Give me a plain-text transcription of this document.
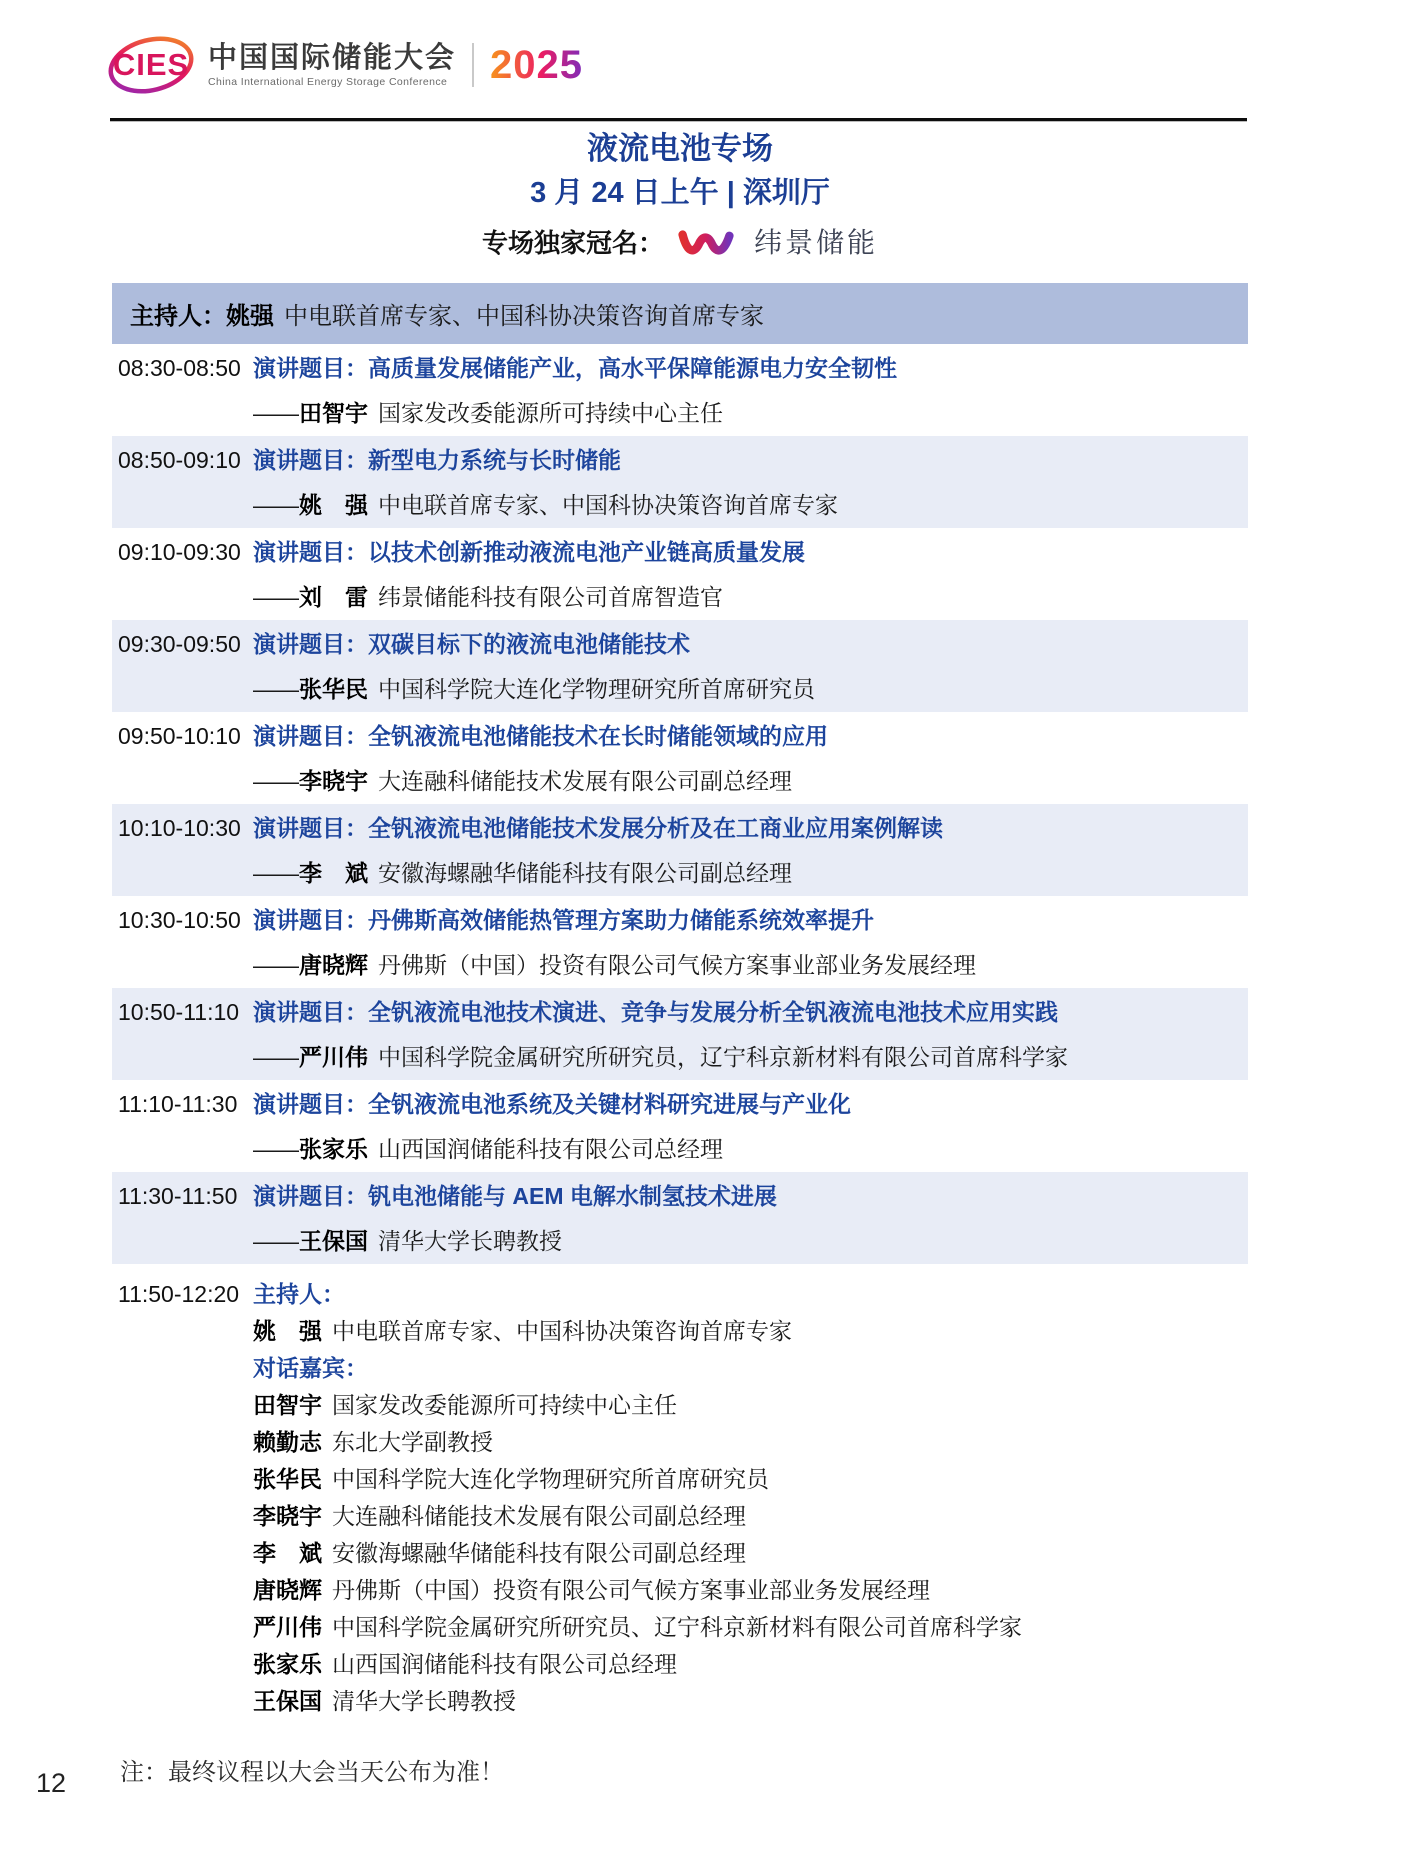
CIES 中国国际储能大会
China International Energy Storage Conference 2025
液流电池专场
3 月 24 日上午 | 深圳厅
专场独家冠名：	纬景储能
主持人：姚强 中电联首席专家、中国科协决策咨询首席专家
08:30-08:50 演讲题目：高质量发展储能产业，高水平保障能源电力安全韧性
——田智宇 国家发改委能源所可持续中心主任
08:50-09:10 演讲题目：新型电力系统与长时储能
——姚　强 中电联首席专家、中国科协决策咨询首席专家
09:10-09:30 演讲题目：以技术创新推动液流电池产业链高质量发展
——刘　雷 纬景储能科技有限公司首席智造官
09:30-09:50 演讲题目：双碳目标下的液流电池储能技术
——张华民 中国科学院大连化学物理研究所首席研究员
09:50-10:10 演讲题目：全钒液流电池储能技术在长时储能领域的应用
——李晓宇 大连融科储能技术发展有限公司副总经理
10:10-10:30 演讲题目：全钒液流电池储能技术发展分析及在工商业应用案例解读
——李　斌 安徽海螺融华储能科技有限公司副总经理
10:30-10:50 演讲题目：丹佛斯高效储能热管理方案助力储能系统效率提升
——唐晓辉 丹佛斯（中国）投资有限公司气候方案事业部业务发展经理
10:50-11:10 演讲题目：全钒液流电池技术演进、竞争与发展分析全钒液流电池技术应用实践
——严川伟 中国科学院金属研究所研究员，辽宁科京新材料有限公司首席科学家
11:10-11:30 演讲题目：全钒液流电池系统及关键材料研究进展与产业化
——张家乐 山西国润储能科技有限公司总经理
11:30-11:50 演讲题目：钒电池储能与 AEM 电解水制氢技术进展
——王保国 清华大学长聘教授
11:50-12:20 主持人：
姚　强 中电联首席专家、中国科协决策咨询首席专家
对话嘉宾：
田智宇 国家发改委能源所可持续中心主任
赖勤志 东北大学副教授
张华民 中国科学院大连化学物理研究所首席研究员
李晓宇 大连融科储能技术发展有限公司副总经理
李　斌 安徽海螺融华储能科技有限公司副总经理
唐晓辉 丹佛斯（中国）投资有限公司气候方案事业部业务发展经理
严川伟 中国科学院金属研究所研究员、辽宁科京新材料有限公司首席科学家
张家乐 山西国润储能科技有限公司总经理
王保国 清华大学长聘教授
注：最终议程以大会当天公布为准！
12
